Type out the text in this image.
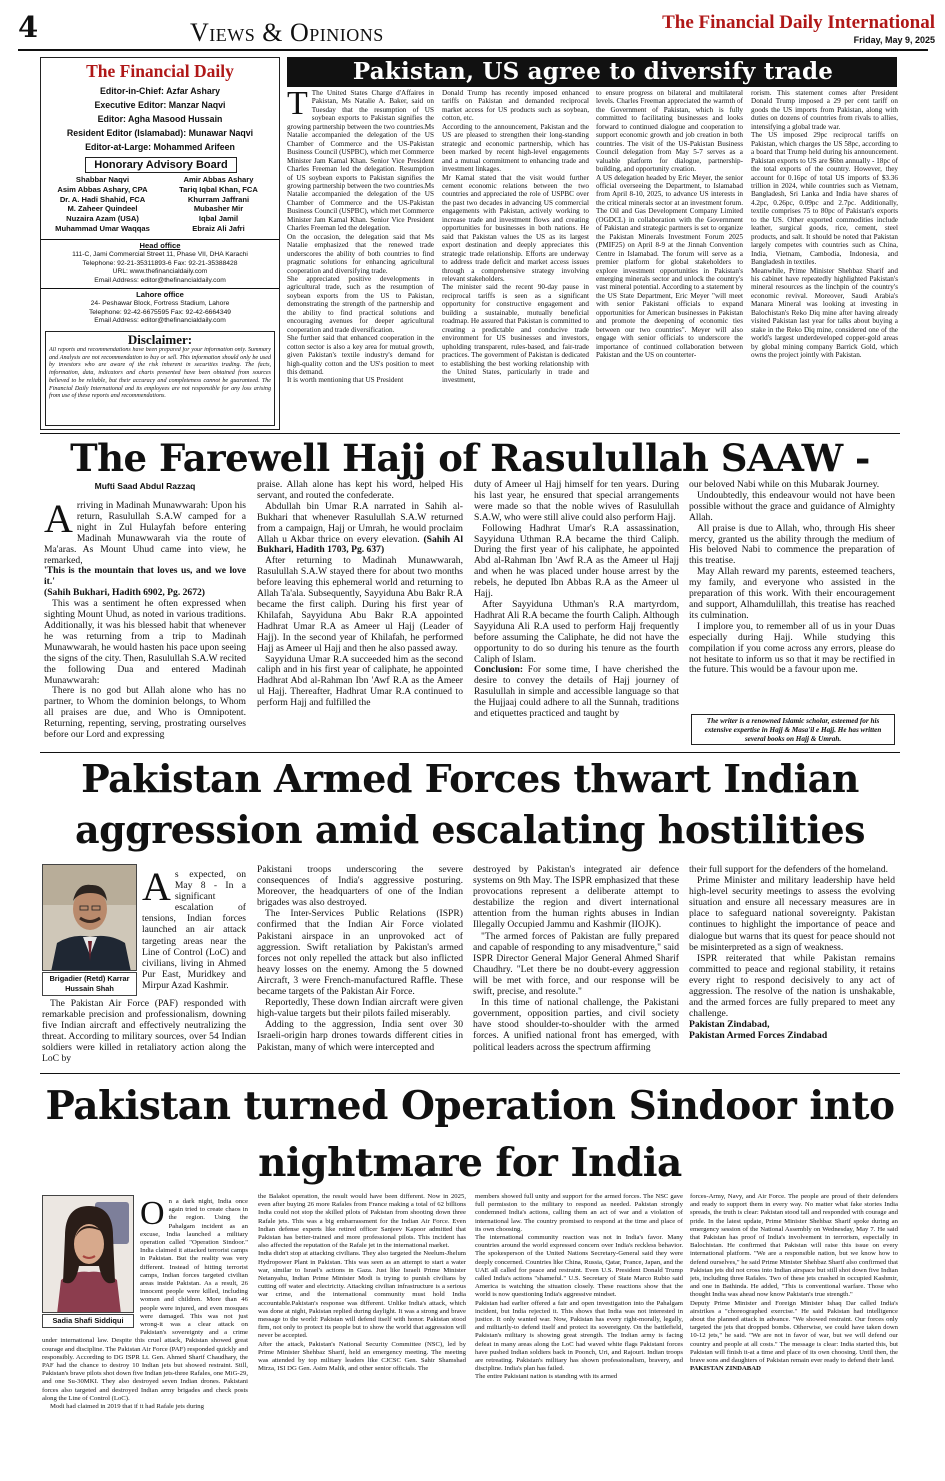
4	Views & Opinions	The Financial Daily International
Friday, May 9, 2025
The Financial Daily
Editor-in-Chief: Azfar Ashary
Executive Editor: Manzar Naqvi
Editor: Agha Masood Hussain
Resident Editor (Islamabad): Munawar Naqvi
Editor-at-Large: Mohammed Arifeen
Honorary Advisory Board
Shabbar Naqvi
Asim Abbas Ashary, CPA
Dr. A. Hadi Shahid, FCA
M. Zaheer Quindeel
Nuzaira Azam (USA)
Muhammad Umar Waqqas
Amir Abbas Ashary
Tariq Iqbal Khan, FCA
Khurram Jaffrani
Mubasher Mir
Iqbal Jamil
Ebraiz Ali Jafri
Head office
111-C, Jami Commercial Street 11, Phase VII, DHA Karachi
Telephone: 92-21-35311893-6 Fax: 92-21-35388428
URL: www.thefinancialdaily.com
Email Address: editor@thefinancialdaily.com
Lahore office
24- Peshawar Block, Fortress Stadium, Lahore
Telephone: 92-42-6675595 Fax: 92-42-6664349
Email Address: editor@thefinancialdaily.com
Disclaimer:
All reports and recommendations have been prepared for your information only. Summary and Analysis are not recommendation to buy or sell. This information should only be used by investors who are aware of the risk inherent in securities trading. The facts, information, data, indicators and charts presented have been obtained from sources believed to be reliable, but their accuracy and completeness cannot be guaranteed. The Financial Daily International and its employees are not responsible for any loss arising from use of these reports and recommendations.
Pakistan, US agree to diversify trade
T The United States Charge d'Affaires in Pakistan, Ms Natalie A. Baker, said on Tuesday that the resumption of US soybean exports to Pakistan signifies the growing partnership between the two countries.Ms Natalie accompanied the delegation of the US Chamber of Commerce and the US-Pakistan Business Council (USPBC), which met Commerce Minister Jam Kamal Khan. Senior Vice President Charles Freeman led the delegation. Resumption of US soybean exports to Pakistan signifies the growing partnership between the two countries.Ms Natalie accompanied the delegation of the US Chamber of Commerce and the US-Pakistan Business Council (USPBC), which met Commerce Minister Jam Kamal Khan. Senior Vice President Charles Freeman led the delegation.
On the occasion, the delegation said that Ms Natalie emphasized that the renewed trade underscores the ability of both countries to find pragmatic solutions for enhancing agricultural cooperation and diversifying trade.
She appreciated positive developments in agricultural trade, such as the resumption of soybean exports from the US to Pakistan, demonstrating the strength of the partnership and the ability to find practical solutions and encouraging avenues for deeper agricultural cooperation and trade diversification.
She further said that enhanced cooperation in the cotton sector is also a key area for mutual growth, given Pakistan's textile industry's demand for high-quality cotton and the US's position to meet this demand.
It is worth mentioning that US President
Donald Trump has recently imposed enhanced tariffs on Pakistan and demanded reciprocal market access for US products such as soybean, cotton, etc.
According to the announcement, Pakistan and the US are pleased to strengthen their long-standing strategic and economic partnership, which has been marked by recent high-level engagements and a mutual commitment to enhancing trade and investment linkages.
Mr Kamal stated that the visit would further cement economic relations between the two countries and appreciated the role of USPBC over the past two decades in advancing US commercial engagements with Pakistan, actively working to increase trade and investment flows and creating opportunities for businesses in both nations. He said that Pakistan values the US as its largest export destination and deeply appreciates this strategic trade relationship. Efforts are underway to address trade deficit and market access issues through a comprehensive strategy involving relevant stakeholders.
The minister said the recent 90-day pause in reciprocal tariffs is seen as a significant opportunity for constructive engagement and building a sustainable, mutually beneficial roadmap. He assured that Pakistan is committed to creating a predictable and conducive trade environment for US businesses and investors, upholding transparent, rules-based, and fair-trade practices. The government of Pakistan is dedicated to establishing the best working relationship with the United States, particularly in trade and investment,
to ensure progress on bilateral and multilateral levels. Charles Freeman appreciated the warmth of the Government of Pakistan, which is fully committed to facilitating businesses and looks forward to continued dialogue and cooperation to support economic growth and job creation in both countries. The visit of the US-Pakistan Business Council delegation from May 5-7 serves as a valuable platform for dialogue, partnership-building, and opportunity creation.
A US delegation headed by Eric Meyer, the senior official overseeing the Department, to Islamabad from April 8-10, 2025, to advance US interests in the critical minerals sector at an investment forum. The Oil and Gas Development Company Limited (OGDCL) in collaboration with the Government of Pakistan and strategic partners is set to organize the Pakistan Minerals Investment Forum 2025 (PMIF25) on April 8-9 at the Jinnah Convention Centre in Islamabad. The forum will serve as a premier platform for global stakeholders to explore investment opportunities in Pakistan's emerging minerals sector and unlock the country's vast mineral potential. According to a statement by the US State Department, Eric Meyer "will meet with senior Pakistani officials to expand opportunities for American businesses in Pakistan and promote the deepening of economic ties between our two countries". Meyer will also engage with senior officials to underscore the importance of continued collaboration between Pakistan and the US on counterter-
rorism. This statement comes after President Donald Trump imposed a 29 per cent tariff on goods the US imports from Pakistan, along with duties on dozens of countries from rivals to allies, intensifying a global trade war.
The US imposed 29pc reciprocal tariffs on Pakistan, which charges the US 58pc, according to a board that Trump held during his announcement. Pakistan exports to US are $6bn annually - 18pc of the total exports of the country. However, they account for 0.16pc of total US imports of $3.36 trillion in 2024, while countries such as Vietnam, Bangladesh, Sri Lanka and India have shares of 4.2pc, 0.26pc, 0.09pc and 2.7pc. Additionally, textile comprises 75 to 80pc of Pakistan's exports to the US. Other exported commodities include leather, surgical goods, rice, cement, steel products, and salt. It should be noted that Pakistan largely competes with countries such as China, India, Vietnam, Cambodia, Indonesia, and Bangladesh in textiles.
Meanwhile, Prime Minister Shehbaz Sharif and his cabinet have repeatedly highlighted Pakistan's mineral resources as the linchpin of the country's economic revival. Moreover, Saudi Arabia's Manara Mineral was looking at investing in Balochistan's Reko Diq mine after having already visited Pakistan last year for talks about buying a stake in the Reko Diq mine, considered one of the world's largest underdeveloped copper-gold areas by global mining company Barrick Gold, which owns the project jointly with Pakistan.
The Farewell Hajj of Rasulullah SAAW -
Mufti Saad Abdul Razzaq
A rriving in Madinah Munawwarah: Upon his return, Rasulullah S.A.W camped for a night in Zul Hulayfah before entering Madinah Munawwarah via the route of Ma'aras. As Mount Uhud came into view, he remarked,
'This is the mountain that loves us, and we love it.'
(Sahih Bukhari, Hadith 6902, Pg. 2672)
This was a sentiment he often expressed when sighting Mount Uhud, as noted in various traditions. Additionally, it was his blessed habit that whenever he was returning from a trip to Madinah Munawwarah, he would hasten his pace upon seeing the signs of the city. Then, Rasulullah S.A.W recited the following Dua and entered Madinah Munawwarah:
There is no god but Allah alone who has no partner, to Whom the dominion belongs, to Whom all praises are due, and Who is Omnipotent. Returning, repenting, serving, prostrating ourselves before our Lord and expressing
praise. Allah alone has kept his word, helped His servant, and routed the confederate.
Abdullah bin Umar R.A narrated in Sahih al-Bukhari that whenever Rasulullah S.A.W returned from a campaign, Hajj or Umrah, he would proclaim Allah u Akbar thrice on every elevation. (Sahih Al Bukhari, Hadith 1703, Pg. 637)
After returning to Madinah Munawwarah, Rasulullah S.A.W stayed there for about two months before leaving this ephemeral world and returning to Allah Ta'ala. Subsequently, Sayyiduna Abu Bakr R.A became the first caliph. During his first year of Khilafah, Sayyiduna Abu Bakr R.A appointed Hadhrat Umar R.A as Ameer ul Hajj (Leader of Hajj). In the second year of Khilafah, he performed Hajj as Ameer ul Hajj and then he also passed away.
Sayyiduna Umar R.A succeeded him as the second caliph and in his first year of caliphate, he appointed Hadhrat Abd al-Rahman Ibn 'Awf R.A as the Ameer ul Hajj. Thereafter, Hadhrat Umar R.A continued to perform Hajj and fulfilled the
duty of Ameer ul Hajj himself for ten years. During his last year, he ensured that special arrangements were made so that the noble wives of Rasulullah S.A.W, who were still alive could also perform Hajj.
Following Hadhrat Umar's R.A assassination, Sayyiduna Uthman R.A became the third Caliph. During the first year of his caliphate, he appointed Abd al-Rahman Ibn 'Awf R.A as the Ameer ul Hajj and when he was placed under house arrest by the rebels, he deputed Ibn Abbas R.A as the Ameer ul Hajj.
After Sayyiduna Uthman's R.A martyrdom, Hadhrat Ali R.A became the fourth Caliph. Although Sayyiduna Ali R.A used to perform Hajj frequently before assuming the Caliphate, he did not have the opportunity to do so during his tenure as the fourth Caliph of Islam.
Conclusion: For some time, I have cherished the desire to convey the details of Hajj journey of Rasulullah in simple and accessible language so that the Hujjaaj could adhere to all the Sunnah, traditions and etiquettes practiced and taught by
our beloved Nabi while on this Mubarak Journey.
Undoubtedly, this endeavour would not have been possible without the grace and guidance of Almighty Allah.
All praise is due to Allah, who, through His sheer mercy, granted us the ability through the medium of His beloved Nabi to commence the preparation of this treatise.
May Allah reward my parents, esteemed teachers, my family, and everyone who assisted in the preparation of this work. With their encouragement and support, Alhamdulillah, this treatise has reached its culmination.
I implore you, to remember all of us in your Duas especially during Hajj. While studying this compilation if you come across any errors, please do not hesitate to inform us so that it may be rectified in the future. This would be a favour upon me.
The writer is a renowned Islamic scholar, esteemed for his extensive expertise in Hajj & Masa'il e Hajj. He has written several books on Hajj & Umrah.
Pakistan Armed Forces thwart Indian
aggression amid escalating hostilities
Brigadier (Retd) Karrar Hussain Shah
As expected, on May 8 - In a significant escalation of tensions, Indian forces launched an air attack targeting areas near the Line of Control (LoC) and civilians, living in Ahmed Pur East, Muridkey and Mirpur Azad Kashmir.
The Pakistan Air Force (PAF) responded with remarkable precision and professionalism, downing five Indian aircraft and effectively neutralizing the threat. According to military sources, over 54 Indian soldiers were killed in retaliatory action along the LoC by
Pakistani troops underscoring the severe consequences of India's aggressive posturing. Moreover, the headquarters of one of the Indian brigades was also destroyed.
The Inter-Services Public Relations (ISPR) confirmed that the Indian Air Force violated Pakistani airspace in an unprovoked act of aggression. Swift retaliation by Pakistan's armed forces not only repelled the attack but also inflicted heavy losses on the enemy. Among the 5 downed Aircraft, 3 were French-manufactured Raffle. These became targets of the Pakistan Air Force.
Reportedly, These down Indian aircraft were given high-value targets but their pilots failed miserably.
Adding to the aggression, India sent over 30 Israeli-origin harp drones towards different cities in Pakistan, many of which were intercepted and
destroyed by Pakistan's integrated air defence systems on 9th May. The ISPR emphasized that these provocations represent a deliberate attempt to destabilize the region and divert international attention from the human rights abuses in Indian Illegally Occupied Jammu and Kashmir (IIOJK).
"The armed forces of Pakistan are fully prepared and capable of responding to any misadventure," said ISPR Director General Major General Ahmed Sharif Chaudhry. "Let there be no doubt-every aggression will be met with force, and our response will be swift, precise, and resolute."
In this time of national challenge, the Pakistani government, opposition parties, and civil society have stood shoulder-to-shoulder with the armed forces. A unified national front has emerged, with political leaders across the spectrum affirming
their full support for the defenders of the homeland.
Prime Minister and military leadership have held high-level security meetings to assess the evolving situation and ensure all necessary measures are in place to safeguard national sovereignty. Pakistan continues to highlight the importance of peace and dialogue but warns that its quest for peace should not be misinterpreted as a sign of weakness.
ISPR reiterated that while Pakistan remains committed to peace and regional stability, it retains every right to respond decisively to any act of aggression. The resolve of the nation is unshakable, and the armed forces are fully prepared to meet any challenge.
Pakistan Zindabad,
Pakistan Armed Forces Zindabad
Pakistan turned Operation Sindoor into
nightmare for India
Sadia Shafi Siddiqui
On a dark night, India once again tried to create chaos in the region. Using the Pahalgam incident as an excuse, India launched a military operation called "Operation Sindoor." India claimed it attacked terrorist camps in Pakistan. But the reality was very different. Instead of hitting terrorist camps, Indian forces targeted civilian areas inside Pakistan. As a result, 26 innocent people were killed, including women and children. More than 46 people were injured, and even mosques were damaged. This was not just wrong-it was a clear attack on Pakistan's sovereignty and a crime under international law. Despite this cruel attack, Pakistan showed great courage and discipline. The Pakistan Air Force (PAF) responded quickly and responsibly. According to DG ISPR Lt. Gen. Ahmed Sharif Chaudhary, the PAF had the chance to destroy 10 Indian jets but showed restraint. Still, Pakistan's brave pilots shot down five Indian jets-three Rafales, one MiG-29, and one Su-30MKI. They also destroyed seven Indian drones. Pakistani forces also targeted and destroyed Indian army brigades and check posts along the Line of Control (LoC).
Modi had claimed in 2019 that if it had Rafale jets during
the Balakot operation, the result would have been different. Now in 2025, even after buying 26 more Rafales from France making a total of 62 billions India could not stop the skilled pilots of Pakistan from shooting down three Rafale jets. This was a big embarrassment for the Indian Air Force. Even Indian defense experts like retired officer Sanjeev Kapoor admitted that Pakistan has better-trained and more professional pilots. This incident has also affected the reputation of the Rafale jet in the international market.
India didn't stop at attacking civilians. They also targeted the Neelum-Jhelum Hydropower Plant in Pakistan. This was seen as an attempt to start a water war, similar to Israel's actions in Gaza. Just like Israeli Prime Minister Netanyahu, Indian Prime Minister Modi is trying to punish civilians by cutting off water and electricity. Attacking civilian infrastructure is a serious war crime, and the international community must hold India accountable.Pakistan's response was different. Unlike India's attack, which was done at night, Pakistan replied during daylight. It was a strong and brave message to the world: Pakistan will defend itself with honor. Pakistan stood firm, not only to protect its people but to show the world that aggression will never be accepted.
After the attack, Pakistan's National Security Committee (NSC), led by Prime Minister Shehbaz Sharif, held an emergency meeting. The meeting was attended by top military leaders like CJCSC Gen. Sahir Shamshad Mirza, ISI DG Gen. Asim Malik, and other senior officials. The
members showed full unity and support for the armed forces. The NSC gave full permission to the military to respond as needed. Pakistan strongly condemned India's actions, calling them an act of war and a violation of international law. The country promised to respond at the time and place of its own choosing.
The international community reaction was not in India's favor. Many countries around the world expressed concern over India's reckless behavior. The spokesperson of the United Nations Secretary-General said they were deeply concerned. Countries like China, Russia, Qatar, France, Japan, and the UAE all called for peace and restraint. Even U.S. President Donald Trump called India's actions "shameful." U.S. Secretary of State Marco Rubio said America is watching the situation closely. These reactions show that the world is now questioning India's aggressive mindset.
Pakistan had earlier offered a fair and open investigation into the Pahalgam incident, but India rejected it. This shows that India was not interested in justice. It only wanted war. Now, Pakistan has every right-morally, legally, and militarily-to defend itself and protect its sovereignty. On the battlefield, Pakistan's military is showing great strength. The Indian army is facing defeat in many areas along the LoC had waved white flags Pakistani forces have pushed Indian soldiers back in Poonch, Uri, and Rajouri. Indian troops are retreating. Pakistan's military has shown professionalism, bravery, and discipline. India's plan has failed.
The entire Pakistani nation is standing with its armed
forces-Army, Navy, and Air Force. The people are proud of their defenders and ready to support them in every way. No matter what fake stories India spreads, the truth is clear: Pakistan stood tall and responded with courage and pride. In the latest update, Prime Minister Shehbaz Sharif spoke during an emergency session of the National Assembly on Wednesday, May 7. He said that Pakistan has proof of India's involvement in terrorism, especially in Balochistan. He confirmed that Pakistan will raise this issue on every international platform. "We are a responsible nation, but we know how to defend ourselves," he said Prime Minister Shehbaz Sharif also confirmed that Pakistan jets did not cross into Indian airspace but still shot down five Indian jets, including three Rafales. Two of these jets crashed in occupied Kashmir, and one in Bathinda. He added, "This is conventional warfare. Those who thought India was ahead now know Pakistan's true strength."
Deputy Prime Minister and Foreign Minister Ishaq Dar called India's airstrikes a "choreographed exercise." He said Pakistan had intelligence about the planned attack in advance. "We showed restraint. Our forces only targeted the jets that dropped bombs. Otherwise, we could have taken down 10-12 jets," he said. "We are not in favor of war, but we will defend our country and people at all costs." The message is clear: India started this, but Pakistan will finish it-at a time and place of its own choosing. Until then, the brave sons and daughters of Pakistan remain ever ready to defend their land.
PAKISTAN ZINDABAD
